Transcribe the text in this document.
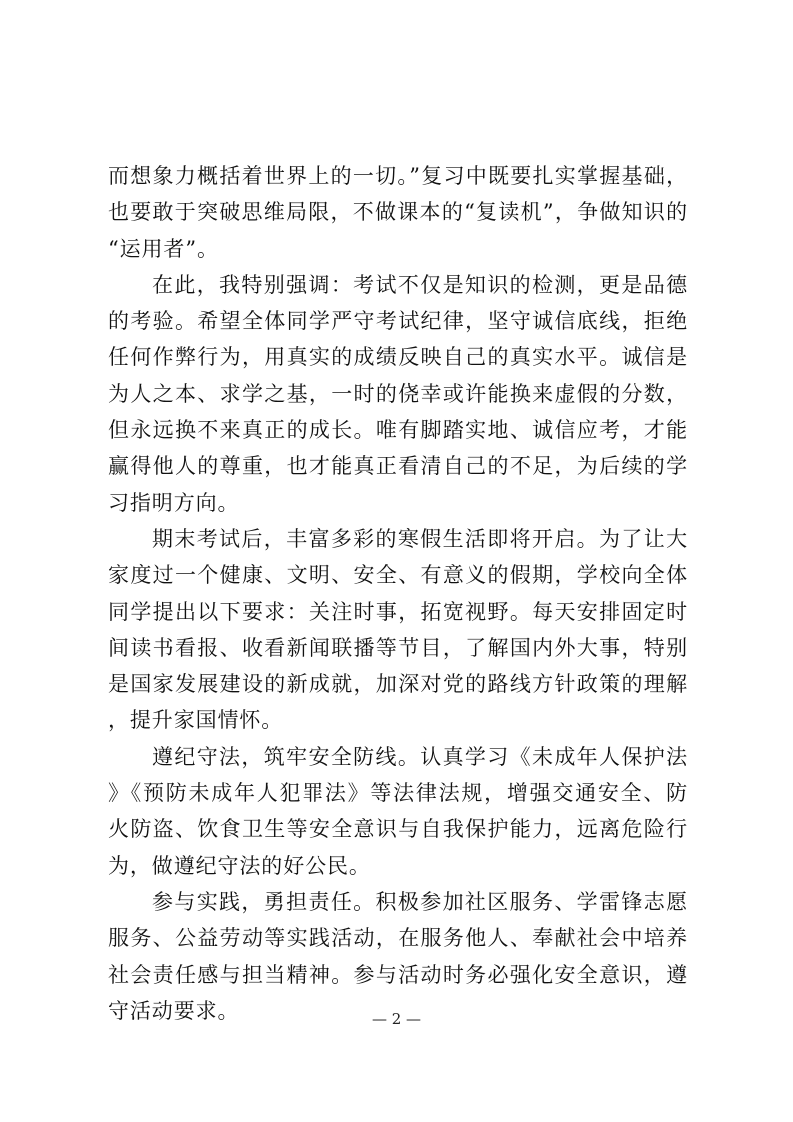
而想象力概括着世界上的一切。”复习中既要扎实掌握基础，也要敢于突破思维局限，不做课本的“复读机”，争做知识的“运用者”。

在此，我特别强调：考试不仅是知识的检测，更是品德的考验。希望全体同学严守考试纪律，坚守诚信底线，拒绝任何作弊行为，用真实的成绩反映自己的真实水平。诚信是为人之本、求学之基，一时的侥幸或许能换来虚假的分数，但永远换不来真正的成长。唯有脚踏实地、诚信应考，才能赢得他人的尊重，也才能真正看清自己的不足，为后续的学习指明方向。

期末考试后，丰富多彩的寒假生活即将开启。为了让大家度过一个健康、文明、安全、有意义的假期，学校向全体同学提出以下要求：关注时事，拓宽视野。每天安排固定时间读书看报、收看新闻联播等节目，了解国内外大事，特别是国家发展建设的新成就，加深对党的路线方针政策的理解，提升家国情怀。

遵纪守法，筑牢安全防线。认真学习《未成年人保护法》《预防未成年人犯罪法》等法律法规，增强交通安全、防火防盗、饮食卫生等安全意识与自我保护能力，远离危险行为，做遵纪守法的好公民。

参与实践，勇担责任。积极参加社区服务、学雷锋志愿服务、公益劳动等实践活动，在服务他人、奉献社会中培养社会责任感与担当精神。参与活动时务必强化安全意识，遵守活动要求。	— 2 —
